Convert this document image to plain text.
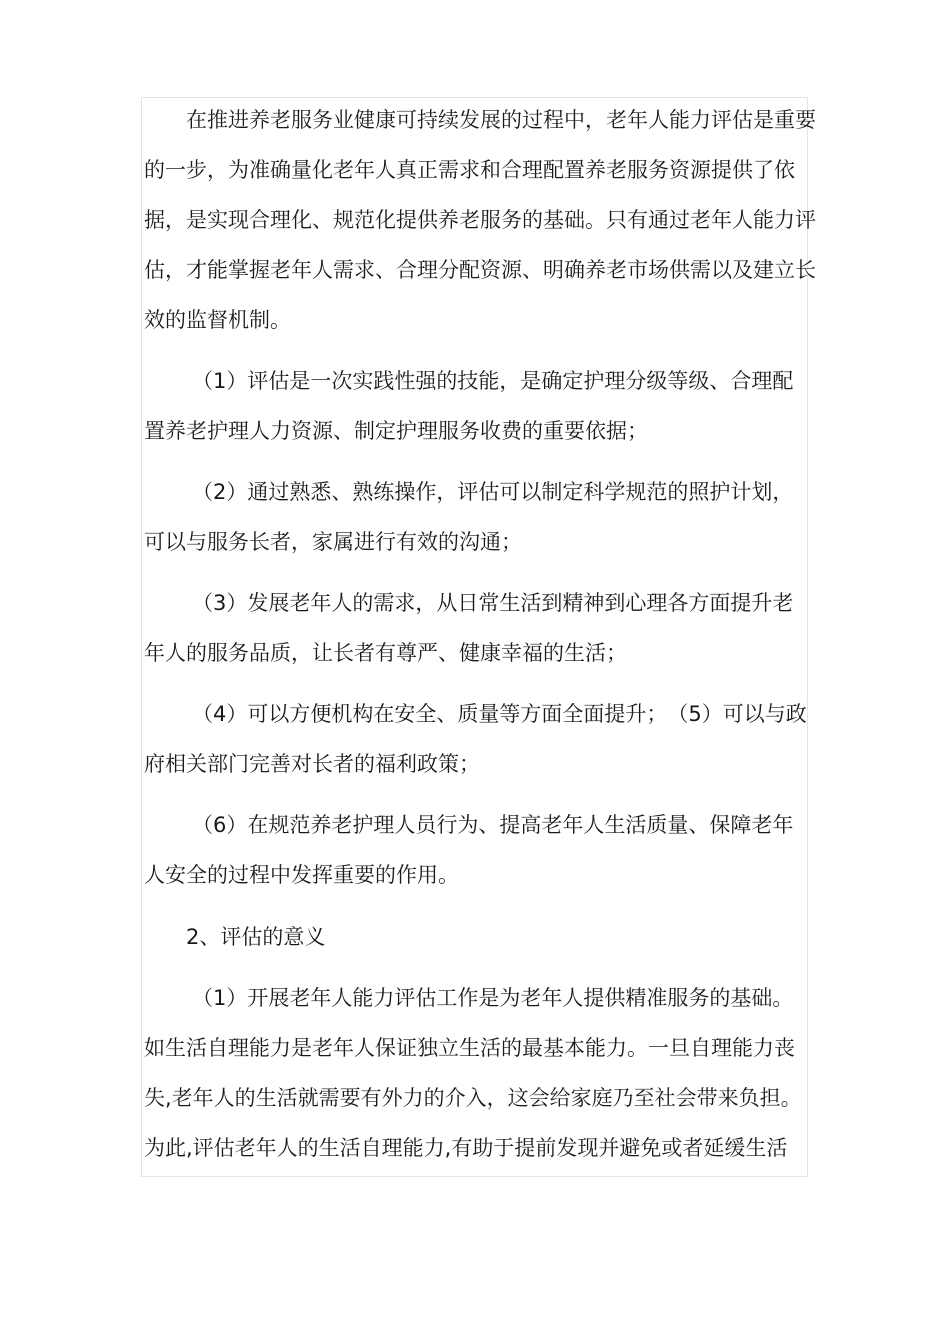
在推进养老服务业健康可持续发展的过程中，老年人能力评估是重要的一步，为准确量化老年人真正需求和合理配置养老服务资源提供了依据，是实现合理化、规范化提供养老服务的基础。只有通过老年人能力评估，才能掌握老年人需求、合理分配资源、明确养老市场供需以及建立长效的监督机制。

（1）评估是一次实践性强的技能，是确定护理分级等级、合理配置养老护理人力资源、制定护理服务收费的重要依据；

（2）通过熟悉、熟练操作，评估可以制定科学规范的照护计划，可以与服务长者，家属进行有效的沟通；

（3）发展老年人的需求，从日常生活到精神到心理各方面提升老年人的服务品质，让长者有尊严、健康幸福的生活；

（4）可以方便机构在安全、质量等方面全面提升；　（5）可以与政府相关部门完善对长者的福利政策；

（6）在规范养老护理人员行为、提高老年人生活质量、保障老年人安全的过程中发挥重要的作用。

2、评估的意义

（1）开展老年人能力评估工作是为老年人提供精准服务的基础。如生活自理能力是老年人保证独立生活的最基本能力。一旦自理能力丧失,老年人的生活就需要有外力的介入，这会给家庭乃至社会带来负担。为此,评估老年人的生活自理能力,有助于提前发现并避免或者延缓生活
